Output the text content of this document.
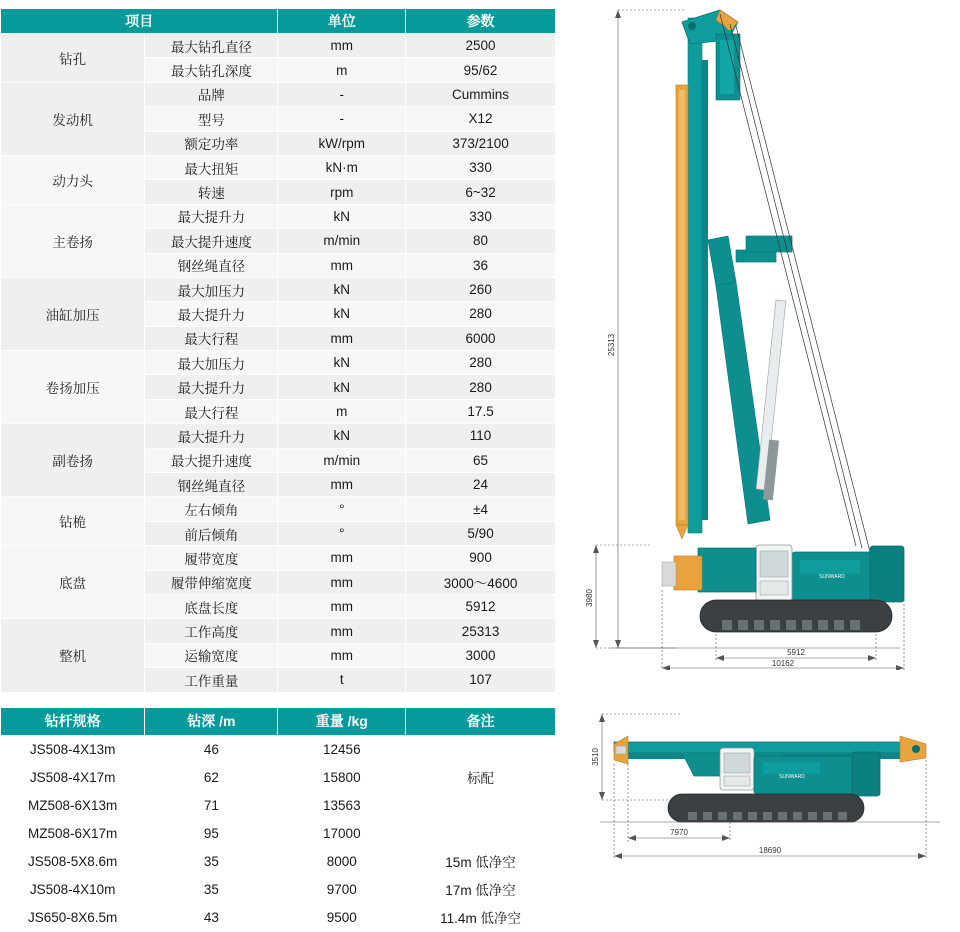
项目		单位	参数
钻孔	最大钻孔直径	mm	2500
	最大钻孔深度	m	95/62
发动机	品牌	-	Cummins
	型号	-	X12
	额定功率	kW/rpm	373/2100
动力头	最大扭矩	kN·m	330
	转速	rpm	6~32
主卷扬	最大提升力	kN	330
	最大提升速度	m/min	80
	钢丝绳直径	mm	36
油缸加压	最大加压力	kN	260
	最大提升力	kN	280
	最大行程	mm	6000
卷扬加压	最大加压力	kN	280
	最大提升力	kN	280
	最大行程	m	17.5
副卷扬	最大提升力	kN	110
	最大提升速度	m/min	65
	钢丝绳直径	mm	24
钻桅	左右倾角	°	±4
	前后倾角	°	5/90
底盘	履带宽度	mm	900
	履带伸缩宽度	mm	3000～4600
	底盘长度	mm	5912
整机	工作高度	mm	25313
	运输宽度	mm	3000
	工作重量	t	107
钻杆规格	钻深 /m	重量 /kg	备注
JS508-4X13m	46	12456	
JS508-4X17m	62	15800	标配
MZ508-6X13m	71	13563	
MZ508-6X17m	95	17000	
JS508-5X8.6m	35	8000	15m 低净空
JS508-4X10m	35	9700	17m 低净空
JS650-8X6.5m	43	9500	11.4m 低净空
25313
3980
SUNWARD
5912
10162
3510
SUNWARD
7970
18690
